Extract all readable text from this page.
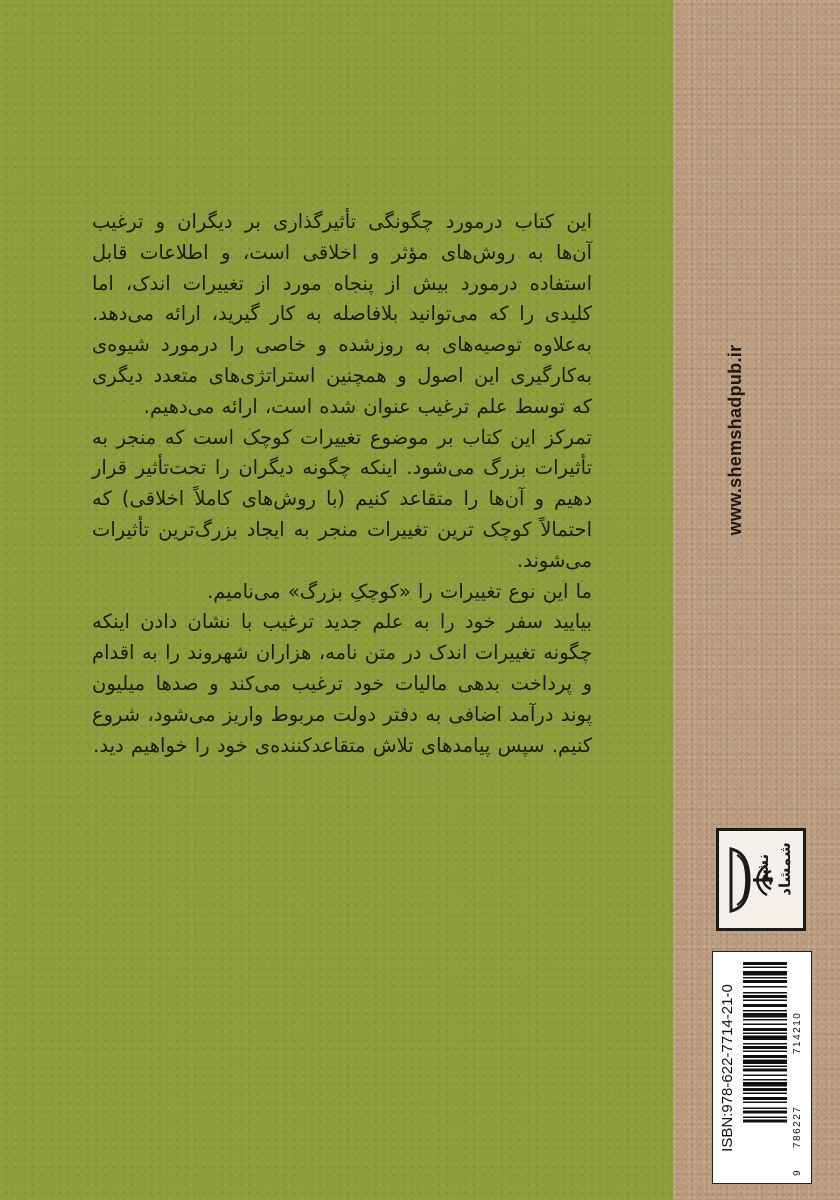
این کتاب درمورد چگونگی تأثیرگذاری بر دیگران و ترغیب آن‌ها به روش‌های مؤثر و اخلاقی است، و اطلاعات قابل استفاده درمورد بیش از پنجاه مورد از تغییرات اندک، اما کلیدی را که می‌توانید بلافاصله به کار گیرید، ارائه می‌دهد. به‌علاوه توصیه‌های به روزشده و خاصی را درمورد شیوه‌ی به‌کارگیری این اصول و همچنین استراتژی‌های متعدد دیگری که توسط علم ترغیب عنوان شده است، ارائه می‌دهیم.

تمرکز این کتاب بر موضوع تغییرات کوچک است که منجر به تأثیرات بزرگ می‌شود. اینکه چگونه دیگران را تحت‌تأثیر قرار دهیم و آن‌ها را متقاعد کنیم (با روش‌های کاملاً اخلاقی) که احتمالاً کوچک ترین تغییرات منجر به ایجاد بزرگ‌ترین تأثیرات می‌شوند.

ما این نوع تغییرات را «کوچکِ بزرگ» می‌نامیم.

بیایید سفر خود را به علم جدید ترغیب با نشان دادن اینکه چگونه تغییرات اندک در متن نامه، هزاران شهروند را به اقدام و پرداخت بدهی مالیات خود ترغیب می‌کند و صدها میلیون پوند درآمد اضافی به دفتر دولت مربوط واریز می‌شود، شروع کنیم. سپس پیامدهای تلاش متقاعدکننده‌ی خود را خواهیم دید.

www.shemshadpub.ir
نشر شمشاد
ISBN:978-622-7714-21-0
9
786227
714210
